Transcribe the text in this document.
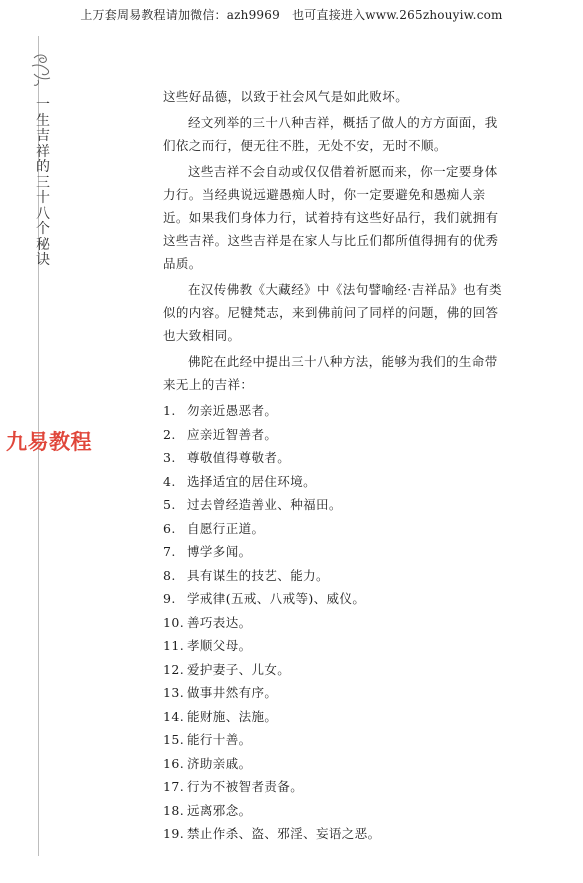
上万套周易教程请加微信：azh9969　也可直接进入www.265zhouyiw.com
一生吉祥的三十八个秘诀
九易教程

这些好品德，以致于社会风气是如此败坏。

经文列举的三十八种吉祥，概括了做人的方方面面，我们依之而行，便无往不胜，无处不安，无时不顺。

这些吉祥不会自动或仅仅借着祈愿而来，你一定要身体力行。当经典说远避愚痴人时，你一定要避免和愚痴人亲近。如果我们身体力行，试着持有这些好品行，我们就拥有这些吉祥。这些吉祥是在家人与比丘们都所值得拥有的优秀品质。

在汉传佛教《大藏经》中《法句譬喻经·吉祥品》也有类似的内容。尼犍梵志，来到佛前问了同样的问题，佛的回答也大致相同。

佛陀在此经中提出三十八种方法，能够为我们的生命带来无上的吉祥：

1. 勿亲近愚恶者。
2. 应亲近智善者。
3. 尊敬值得尊敬者。
4. 选择适宜的居住环境。
5. 过去曾经造善业、种福田。
6. 自愿行正道。
7. 博学多闻。
8. 具有谋生的技艺、能力。
9. 学戒律(五戒、八戒等)、威仪。
10. 善巧表达。
11. 孝顺父母。
12. 爱护妻子、儿女。
13. 做事井然有序。
14. 能财施、法施。
15. 能行十善。
16. 济助亲戚。
17. 行为不被智者责备。
18. 远离邪念。
19. 禁止作杀、盗、邪淫、妄语之恶。
